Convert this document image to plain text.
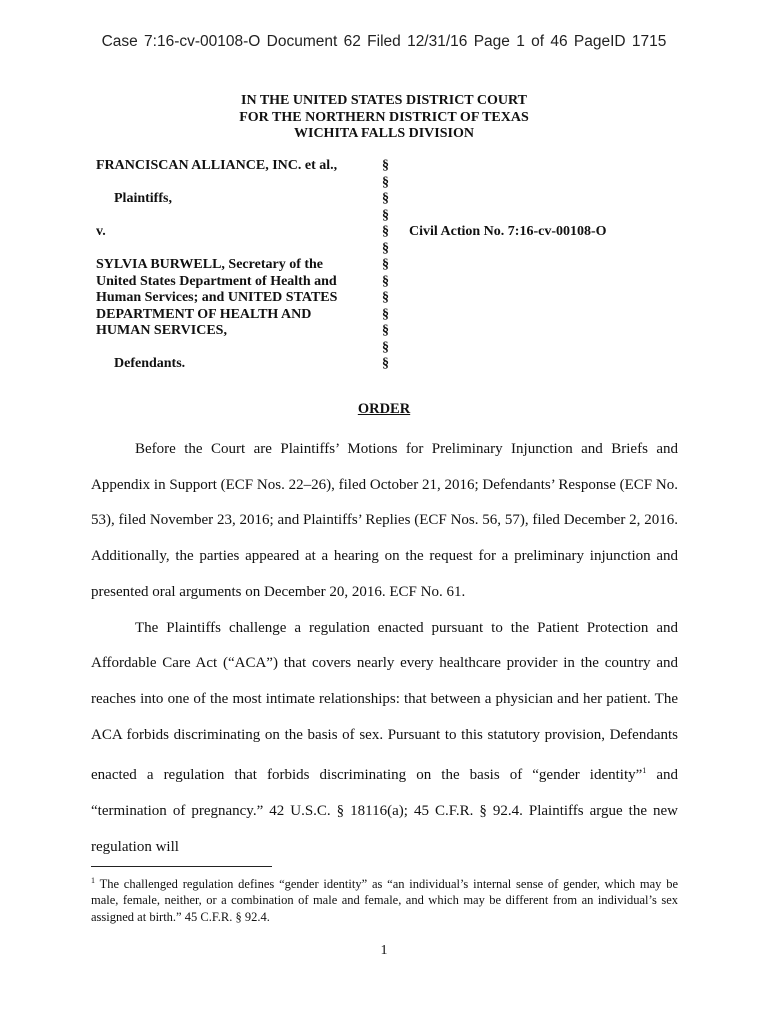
Case 7:16-cv-00108-O Document 62 Filed 12/31/16 Page 1 of 46 PageID 1715
IN THE UNITED STATES DISTRICT COURT
FOR THE NORTHERN DISTRICT OF TEXAS
WICHITA FALLS DIVISION
FRANCISCAN ALLIANCE, INC. et al.,
Plaintiffs,
v.
SYLVIA BURWELL, Secretary of the United States Department of Health and Human Services; and UNITED STATES DEPARTMENT OF HEALTH AND HUMAN SERVICES,
Defendants.
§
§
§
§
§
§
§
§
§
§
§
§
§
Civil Action No. 7:16-cv-00108-O
ORDER

Before the Court are Plaintiffs’ Motions for Preliminary Injunction and Briefs and Appendix in Support (ECF Nos. 22–26), filed October 21, 2016; Defendants’ Response (ECF No. 53), filed November 23, 2016; and Plaintiffs’ Replies (ECF Nos. 56, 57), filed December 2, 2016. Additionally, the parties appeared at a hearing on the request for a preliminary injunction and presented oral arguments on December 20, 2016. ECF No. 61.

The Plaintiffs challenge a regulation enacted pursuant to the Patient Protection and Affordable Care Act (“ACA”) that covers nearly every healthcare provider in the country and reaches into one of the most intimate relationships: that between a physician and her patient. The ACA forbids discriminating on the basis of sex. Pursuant to this statutory provision, Defendants enacted a regulation that forbids discriminating on the basis of “gender identity”$^1$ and “termination of pregnancy.” 42 U.S.C. § 18116(a); 45 C.F.R. § 92.4. Plaintiffs argue the new regulation will

$^1$ The challenged regulation defines “gender identity” as “an individual’s internal sense of gender, which may be male, female, neither, or a combination of male and female, and which may be different from an individual’s sex assigned at birth.” 45 C.F.R. § 92.4.
1
